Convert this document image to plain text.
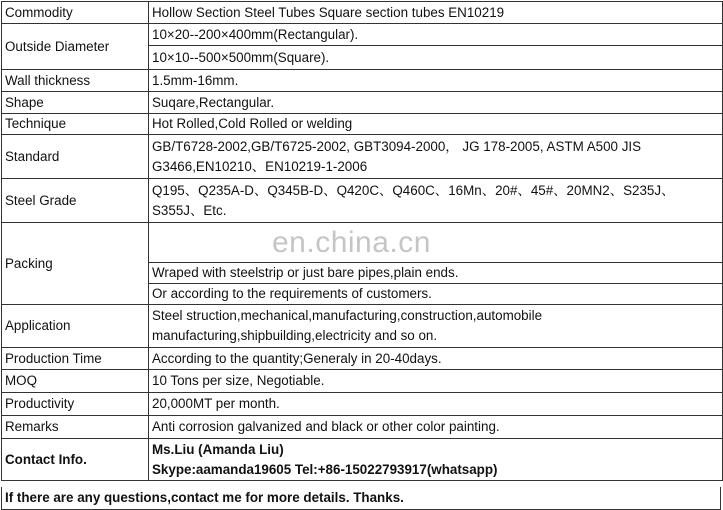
Commodity	Hollow Section Steel Tubes Square section tubes EN10219
Outside Diameter	10×20--200×400mm(Rectangular).
	10×10--500×500mm(Square).
Wall thickness	1.5mm-16mm.
Shape	Suqare,Rectangular.
Technique	Hot Rolled,Cold Rolled or welding
Standard	GB/T6728-2002,GB/T6725-2002, GBT3094-2000， JG 178-2005, ASTM A500 JIS
G3466,EN10210、EN10219-1-2006

Steel Grade	Q195、Q235A-D、Q345B-D、Q420C、Q460C、16Mn、20#、45#、20MN2、S235J、
S355J、Etc.

Packing	
	Wraped with steelstrip or just bare pipes,plain ends.
	Or according to the requirements of customers.
Application	Steel struction,mechanical,manufacturing,construction,automobile
manufacturing,shipbuilding,electricity and so on.

Production Time	According to the quantity;Generaly in 20-40days.
MOQ	10 Tons per size, Negotiable.
Productivity	20,000MT per month.
Remarks	Anti corrosion galvanized and black or other color painting.
Contact Info.	Ms.Liu (Amanda Liu)
Skype:aamanda19605 Tel:+86-15022793917(whatsapp)
If there are any questions,contact me for more details. Thanks.
en.china.cn
